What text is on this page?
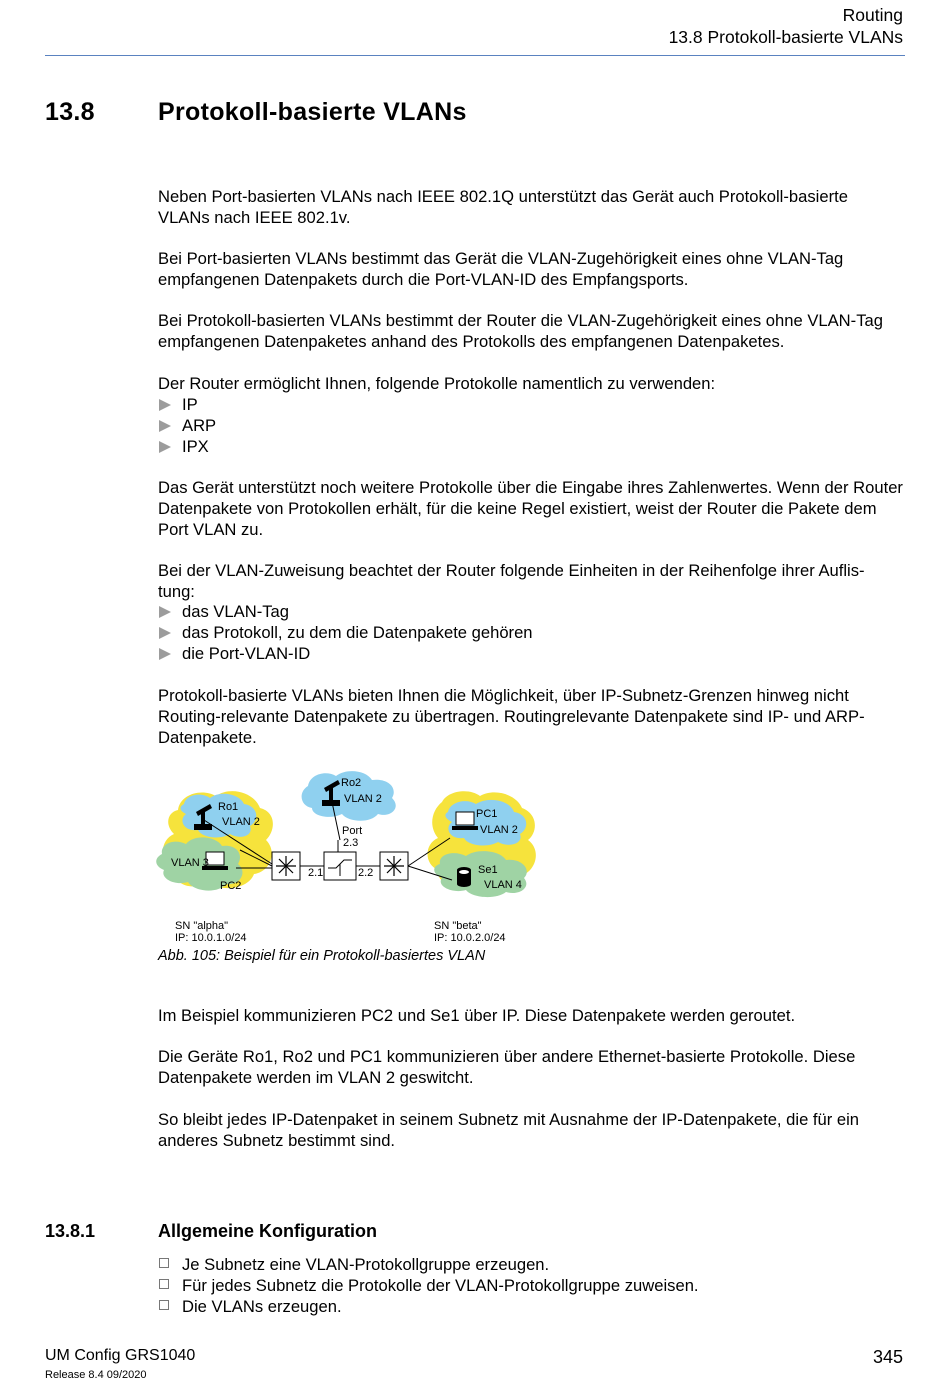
Routing
13.8 Protokoll-basierte VLANs
13.8	Protokoll-basierte VLANs

Neben Port-basierten VLANs nach IEEE 802.1Q unterstützt das Gerät auch Protokoll-basierte VLANs nach IEEE 802.1v.

Bei Port-basierten VLANs bestimmt das Gerät die VLAN-Zugehörigkeit eines ohne VLAN-Tag empfangenen Datenpakets durch die Port-VLAN-ID des Empfangsports.

Bei Protokoll-basierten VLANs bestimmt der Router die VLAN-Zugehörigkeit eines ohne VLAN-Tag empfangenen Datenpaketes anhand des Protokolls des empfangenen Datenpaketes.

Der Router ermöglicht Ihnen, folgende Protokolle namentlich zu verwenden:

IP
ARP
IPX

Das Gerät unterstützt noch weitere Protokolle über die Eingabe ihres Zahlenwertes. Wenn der Router Datenpakete von Protokollen erhält, für die keine Regel existiert, weist der Router die Pakete dem Port VLAN zu.

Bei der VLAN-Zuweisung beachtet der Router folgende Einheiten in der Reihenfolge ihrer Auflis- tung:

das VLAN-Tag
das Protokoll, zu dem die Datenpakete gehören
die Port-VLAN-ID

Protokoll-basierte VLANs bieten Ihnen die Möglichkeit, über IP-Subnetz-Grenzen hinweg nicht Routing-relevante Datenpakete zu übertragen. Routingrelevante Datenpakete sind IP- und ARP-Datenpakete.

Ro1
VLAN 2
Ro2
VLAN 2
Port
2.3
VLAN 3
PC2
2.1	2.2
PC1
VLAN 2
Se1
VLAN 4
SN "alpha"
IP: 10.0.1.0/24
SN "beta"
IP: 10.0.2.0/24
Abb. 105: Beispiel für ein Protokoll-basiertes VLAN

Im Beispiel kommunizieren PC2 und Se1 über IP. Diese Datenpakete werden geroutet.

Die Geräte Ro1, Ro2 und PC1 kommunizieren über andere Ethernet-basierte Protokolle. Diese Datenpakete werden im VLAN 2 geswitcht.

So bleibt jedes IP-Datenpaket in seinem Subnetz mit Ausnahme der IP-Datenpakete, die für ein anderes Subnetz bestimmt sind.

13.8.1	Allgemeine Konfiguration
Je Subnetz eine VLAN-Protokollgruppe erzeugen.
Für jedes Subnetz die Protokolle der VLAN-Protokollgruppe zuweisen.
Die VLANs erzeugen.
UM Config GRS1040
Release 8.4 09/2020
345
